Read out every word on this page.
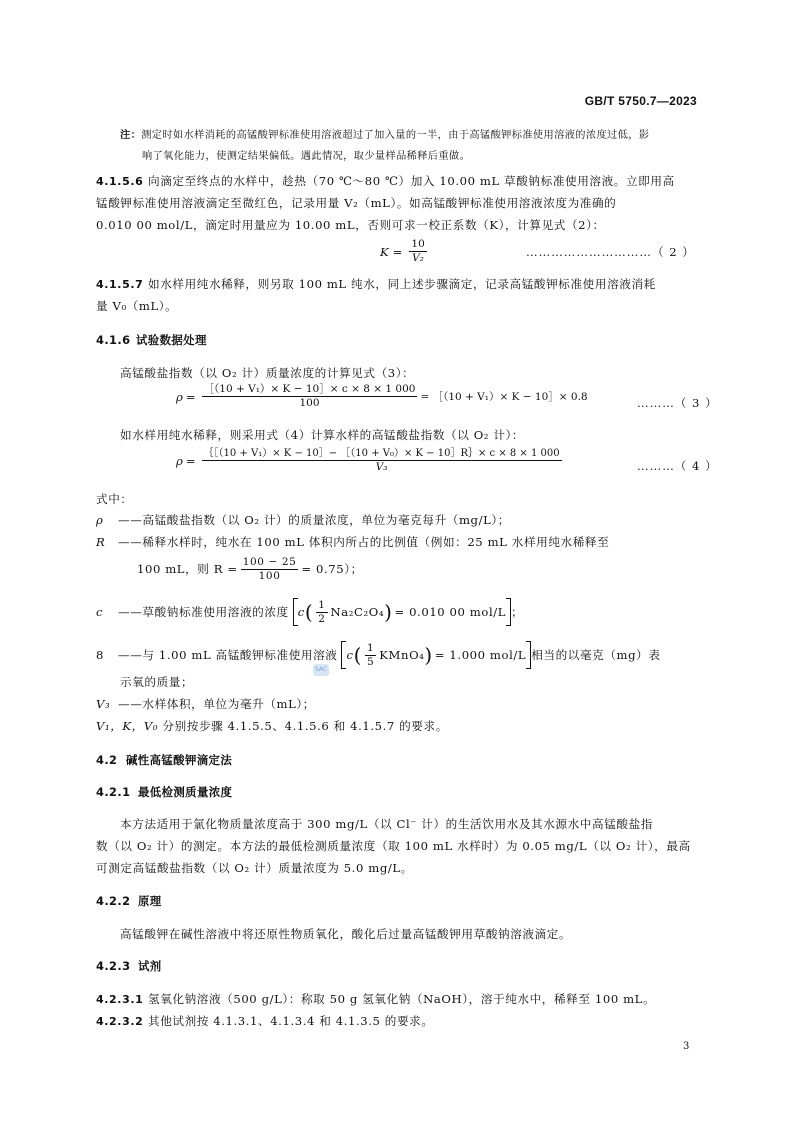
GB/T 5750.7—2023
注：测定时如水样消耗的高锰酸钾标准使用溶液超过了加入量的一半，由于高锰酸钾标准使用溶液的浓度过低，影
响了氧化能力，使测定结果偏低。遇此情况，取少量样品稀释后重做。
4.1.5.6 向滴定至终点的水样中，趁热（70 ℃～80 ℃）加入 10.00 mL 草酸钠标准使用溶液。立即用高
锰酸钾标准使用溶液滴定至微红色，记录用量 V₂（mL）。如高锰酸钾标准使用溶液浓度为准确的
0.010 00 mol/L，滴定时用量应为 10.00 mL，否则可求一校正系数（K），计算见式（2）：
$K = \frac{10}{\text{V₂}}$	…………………………（ 2 ）
4.1.5.7 如水样用纯水稀释，则另取 100 mL 纯水，同上述步骤滴定，记录高锰酸钾标准使用溶液消耗
量 V₀（mL）。
4.1.6 试验数据处理
高锰酸盐指数（以 O₂ 计）质量浓度的计算见式（3）：
$\rho = \frac{\text{［（10 + V₁）× K − 10］× c × 8 × 1 000}}{100}$ = ［（10 + V₁）× K − 10］× 0.8	………（ 3 ）
如水样用纯水稀释，则采用式（4）计算水样的高锰酸盐指数（以 O₂ 计）：
$\rho = \frac{\text{｛［（10 + V₁）× K − 10］− ［（10 + V₀）× K − 10］R｝× c × 8 × 1 000}}{\text{V₃}}$	………（ 4 ）
式中：
ρ ——高锰酸盐指数（以 O₂ 计）的质量浓度，单位为毫克每升（mg/L）；
R ——稀释水样时，纯水在 100 mL 体积内所占的比例值（例如：25 mL 水样用纯水稀释至
100 mL，则 $R = \frac{100 - 25}{100} = 0.75$）；
c	——草酸钠标准使用溶液的浓度 c ( $\frac{1}{2} Na_2C_2O_4$ ) = 0.010 00 mol/L ；
8	——与 1.00 mL 高锰酸钾标准使用溶液 c ( $\frac{1}{5}$ KMnO₄ ) = 1.000 mol/L 相当的以毫克（mg）表
示氧的质量；
SAC
V₃ ——水样体积，单位为毫升（mL）；
V₁，K，V₀ 分别按步骤 4.1.5.5、4.1.5.6 和 4.1.5.7 的要求。
4.2 碱性高锰酸钾滴定法
4.2.1 最低检测质量浓度
本方法适用于氯化物质量浓度高于 300 mg/L（以 Cl⁻ 计）的生活饮用水及其水源水中高锰酸盐指
数（以 O₂ 计）的测定。本方法的最低检测质量浓度（取 100 mL 水样时）为 0.05 mg/L（以 O₂ 计），最高
可测定高锰酸盐指数（以 O₂ 计）质量浓度为 5.0 mg/L。
4.2.2 原理
高锰酸钾在碱性溶液中将还原性物质氧化，酸化后过量高锰酸钾用草酸钠溶液滴定。
4.2.3 试剂
4.2.3.1 氢氧化钠溶液（500 g/L）：称取 50 g 氢氧化钠（NaOH），溶于纯水中，稀释至 100 mL。
4.2.3.2 其他试剂按 4.1.3.1、4.1.3.4 和 4.1.3.5 的要求。
3
